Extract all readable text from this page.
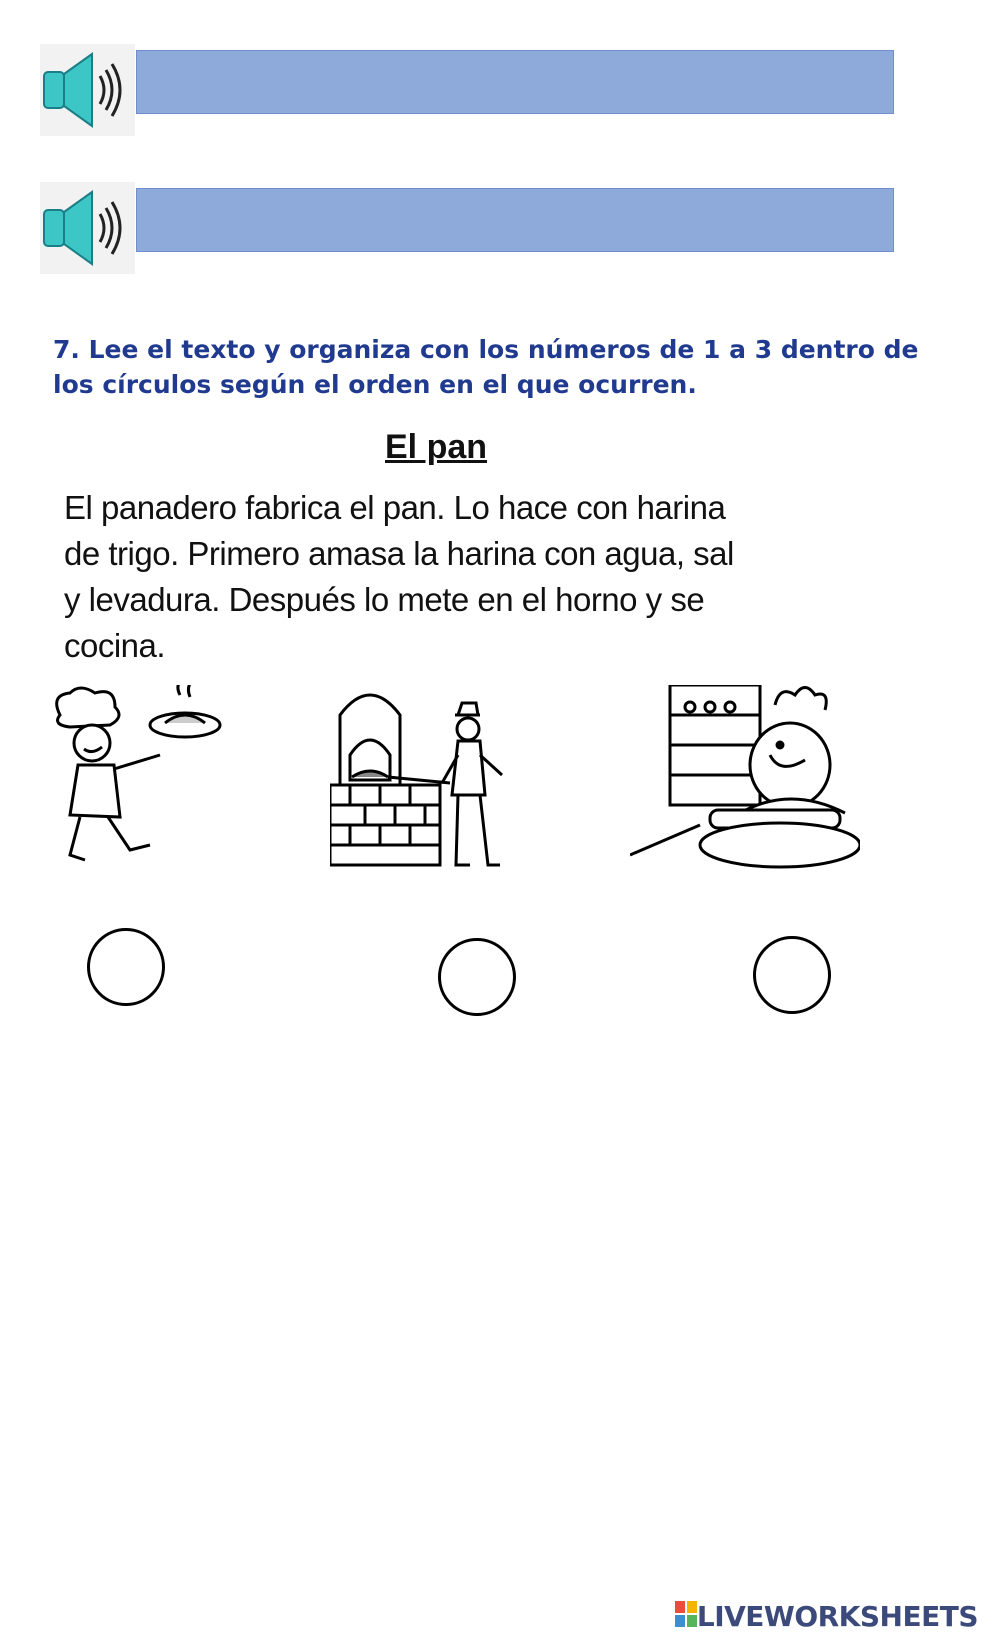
7. Lee el texto y organiza con los números de 1 a 3 dentro de los círculos según el orden en el que ocurren.
El pan
El panadero fabrica el pan. Lo hace con harina
de trigo. Primero amasa la harina con agua, sal
y levadura. Después lo mete en el horno y se
cocina.
LIVEWORKSHEETS
